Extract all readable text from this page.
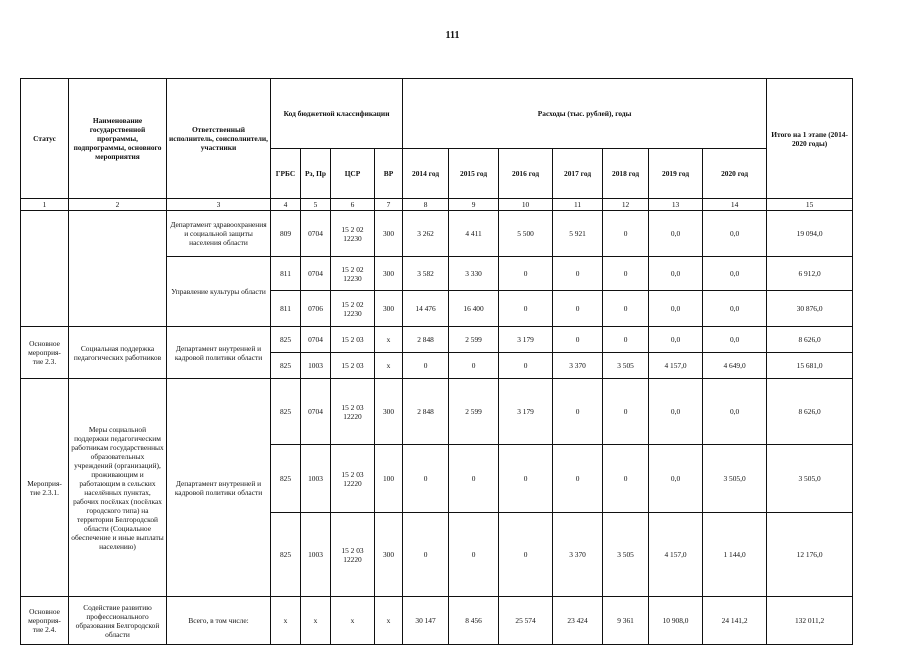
111
Статус	Наименование государственной программы, подпрограммы, основного мероприятия	Ответственный исполнитель, соисполнители, участники	Код бюджетной классификации				Расходы (тыс. рублей), годы							Итого на 1 этапе (2014-2020 годы)
			ГРБС	Рз, Пр	ЦСР	ВР	2014 год	2015 год	2016 год	2017 год	2018 год	2019 год	2020 год	
1	2	3	4	5	6	7	8	9	10	11	12	13	14	15
		Департамент здравоохранения и социальной защиты населения области	809	0704	15 2 02 12230	300	3 262	4 411	5 500	5 921	0	0,0	0,0	19 094,0
		Управление культуры области	811	0704	15 2 02 12230	300	3 582	3 330	0	0	0	0,0	0,0	6 912,0
			811	0706	15 2 02 12230	300	14 476	16 400	0	0	0	0,0	0,0	30 876,0
Основное мероприя-тие 2.3.	Социальная поддержка педагогических работников	Департамент внутренней и кадровой политики области	825	0704	15 2 03	х	2 848	2 599	3 179	0	0	0,0	0,0	8 626,0
			825	1003	15 2 03	х	0	0	0	3 370	3 505	4 157,0	4 649,0	15 681,0
Мероприя-тие 2.3.1.	Меры социальной поддержки педагогическим работникам государственных образовательных учреждений (организаций), проживающим и работающим в сельских населённых пунктах, рабочих посёлках (посёлках городского типа) на территории Белгородской области (Социальное обеспечение и иные выплаты населению)	Департамент внутренней и кадровой политики области	825	0704	15 2 03 12220	300	2 848	2 599	3 179	0	0	0,0	0,0	8 626,0
			825	1003	15 2 03 12220	100	0	0	0	0	0	0,0	3 505,0	3 505,0
			825	1003	15 2 03 12220	300	0	0	0	3 370	3 505	4 157,0	1 144,0	12 176,0
Основное мероприя-тие 2.4.	Содействие развитию профессионального образования Белгородской области	Всего, в том числе:	х	х	х	х	30 147	8 456	25 574	23 424	9 361	10 908,0	24 141,2	132 011,2
